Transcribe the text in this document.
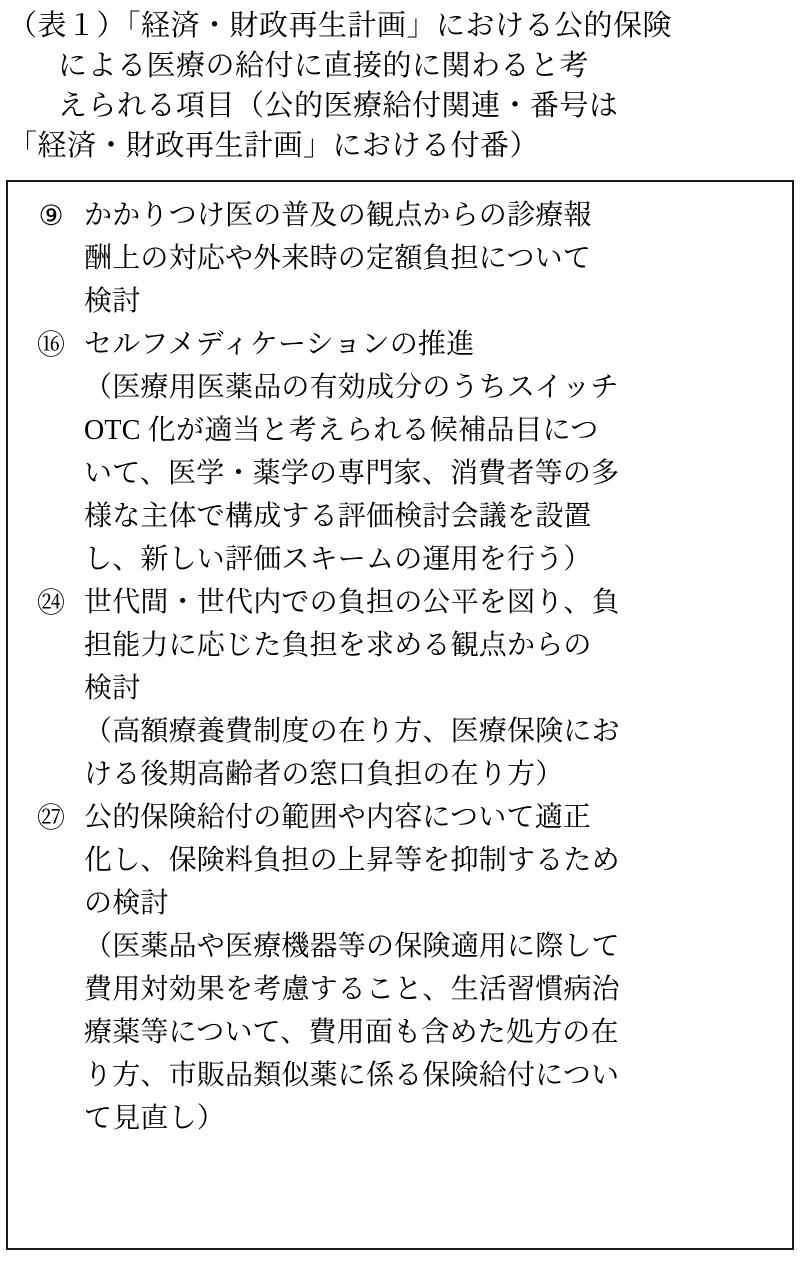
（表１）「経済・財政再生計画」における公的保険
による医療の給付に直接的に関わると考
えられる項目（公的医療給付関連・番号は
「経済・財政再生計画」における付番）
⑨ かかりつけ医の普及の観点からの診療報

酬上の対応や外来時の定額負担について

検討

⑯ セルフメディケーションの推進

（医療用医薬品の有効成分のうちスイッチ

OTC 化が適当と考えられる候補品目につ

いて、医学・薬学の専門家、消費者等の多

様な主体で構成する評価検討会議を設置

し、新しい評価スキームの運用を行う）

㉔ 世代間・世代内での負担の公平を図り、負

担能力に応じた負担を求める観点からの

検討

（高額療養費制度の在り方、医療保険にお

ける後期高齢者の窓口負担の在り方）

㉗ 公的保険給付の範囲や内容について適正

化し、保険料負担の上昇等を抑制するため

の検討

（医薬品や医療機器等の保険適用に際して

費用対効果を考慮すること、生活習慣病治

療薬等について、費用面も含めた処方の在

り方、市販品類似薬に係る保険給付につい

て見直し）
